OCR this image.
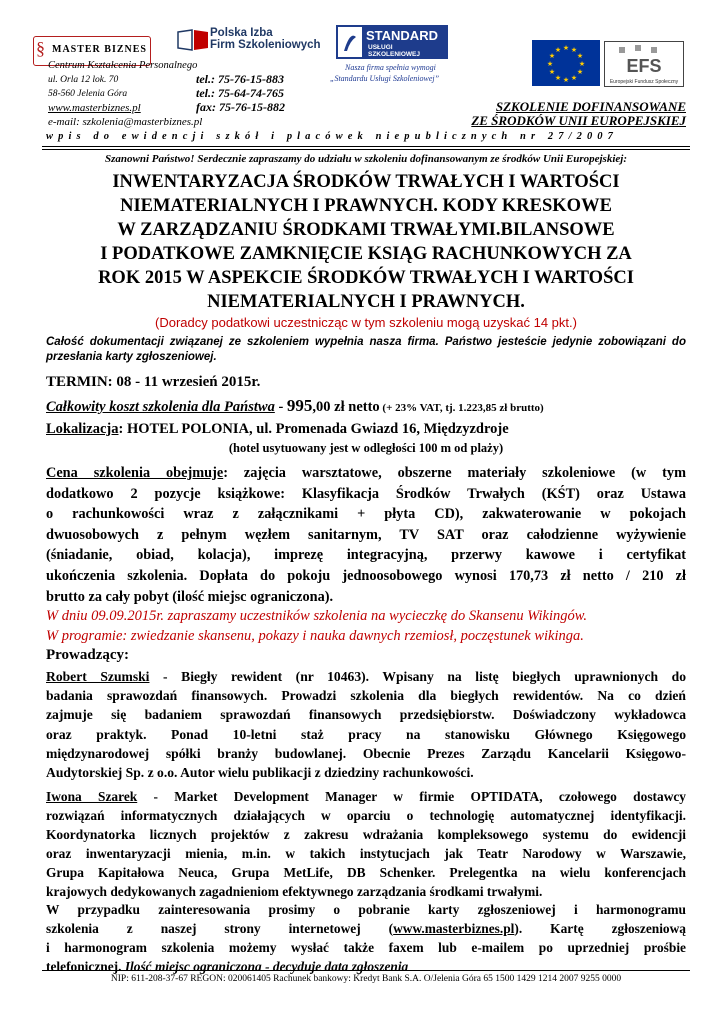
§ MASTER BIZNES
Polska Izba
Firm Szkoleniowych
STANDARD
USŁUGI SZKOLENIOWEJ
★ ★
★
★
★
★
★
★
★
★
★
★
EFS
Europejski Fundusz Społeczny
Centrum Kształcenia Personalnego
ul. Orla 12 lok. 70
58-560 Jelenia Góra
www.masterbiznes.pl
e-mail: szkolenia@masterbiznes.pl
tel.: 75-76-15-883
tel.: 75-64-74-765
fax: 75-76-15-882
Nasza firma spełnia wymogi
„Standardu Usługi Szkoleniowej”
SZKOLENIE DOFINANSOWANE
ZE ŚRODKÓW UNII EUROPEJSKIEJ
wpis do ewidencji szkół i placówek niepublicznych nr 27/2007
Szanowni Państwo! Serdecznie zapraszamy do udziału w szkoleniu dofinansowanym ze środków Unii Europejskiej:
INWENTARYZACJA ŚRODKÓW TRWAŁYCH I WARTOŚCI
NIEMATERIALNYCH I PRAWNYCH. KODY KRESKOWE
W ZARZĄDZANIU ŚRODKAMI TRWAŁYMI.BILANSOWE
I PODATKOWE ZAMKNIĘCIE KSIĄG RACHUNKOWYCH ZA
ROK 2015 W ASPEKCIE ŚRODKÓW TRWAŁYCH I WARTOŚCI
NIEMATERIALNYCH I PRAWNYCH.
(Doradcy podatkowi uczestnicząc w tym szkoleniu mogą uzyskać 14 pkt.)
Całość dokumentacji związanej ze szkoleniem wypełnia nasza firma. Państwo jesteście jedynie zobowiązani do przesłania karty zgłoszeniowej.
TERMIN: 08 - 11 wrzesień 2015r.
Całkowity koszt szkolenia dla Państwa - 995,00 zł netto (+ 23% VAT, tj. 1.223,85 zł brutto)
Lokalizacja: HOTEL POLONIA, ul. Promenada Gwiazd 16, Międzyzdroje
(hotel usytuowany jest w odległości 100 m od plaży)
Cena szkolenia obejmuje: zajęcia warsztatowe, obszerne materiały szkoleniowe (w tym
dodatkowo 2 pozycje książkowe: Klasyfikacja Środków Trwałych (KŚT) oraz Ustawa
o rachunkowości wraz z załącznikami + płyta CD), zakwaterowanie w pokojach
dwuosobowych z pełnym węzłem sanitarnym, TV SAT oraz całodzienne wyżywienie
(śniadanie, obiad, kolacja), imprezę integracyjną, przerwy kawowe i certyfikat
ukończenia szkolenia. Dopłata do pokoju jednoosobowego wynosi 170,73 zł netto / 210 zł
brutto za cały pobyt (ilość miejsc ograniczona).
W dniu 09.09.2015r. zapraszamy uczestników szkolenia na wycieczkę do Skansenu Wikingów.
W programie: zwiedzanie skansenu, pokazy i nauka dawnych rzemiosł, poczęstunek wikinga.
Prowadzący:
Robert Szumski - Biegły rewident (nr 10463). Wpisany na listę biegłych uprawnionych do
badania sprawozdań finansowych. Prowadzi szkolenia dla biegłych rewidentów. Na co dzień
zajmuje się badaniem sprawozdań finansowych przedsiębiorstw. Doświadczony wykładowca
oraz praktyk. Ponad 10-letni staż pracy na stanowisku Głównego Księgowego
międzynarodowej spółki branży budowlanej. Obecnie Prezes Zarządu Kancelarii Księgowo-
Audytorskiej Sp. z o.o. Autor wielu publikacji z dziedziny rachunkowości.
Iwona Szarek - Market Development Manager w firmie OPTIDATA, czołowego dostawcy
rozwiązań informatycznych działających w oparciu o technologię automatycznej identyfikacji.
Koordynatorka licznych projektów z zakresu wdrażania kompleksowego systemu do ewidencji
oraz inwentaryzacji mienia, m.in. w takich instytucjach jak Teatr Narodowy w Warszawie,
Grupa Kapitałowa Neuca, Grupa MetLife, DB Schenker. Prelegentka na wielu konferencjach
krajowych dedykowanych zagadnieniom efektywnego zarządzania środkami trwałymi.
W przypadku zainteresowania prosimy o pobranie karty zgłoszeniowej i harmonogramu
szkolenia z naszej strony internetowej (www.masterbiznes.pl). Kartę zgłoszeniową
i harmonogram szkolenia możemy wysłać także faxem lub e-mailem po uprzedniej prośbie
telefonicznej. Ilość miejsc ograniczona - decyduje data zgłoszenia
NIP: 611-208-37-67 REGON: 020061405 Rachunek bankowy: Kredyt Bank S.A. O/Jelenia Góra 65 1500 1429 1214 2007 9255 0000
